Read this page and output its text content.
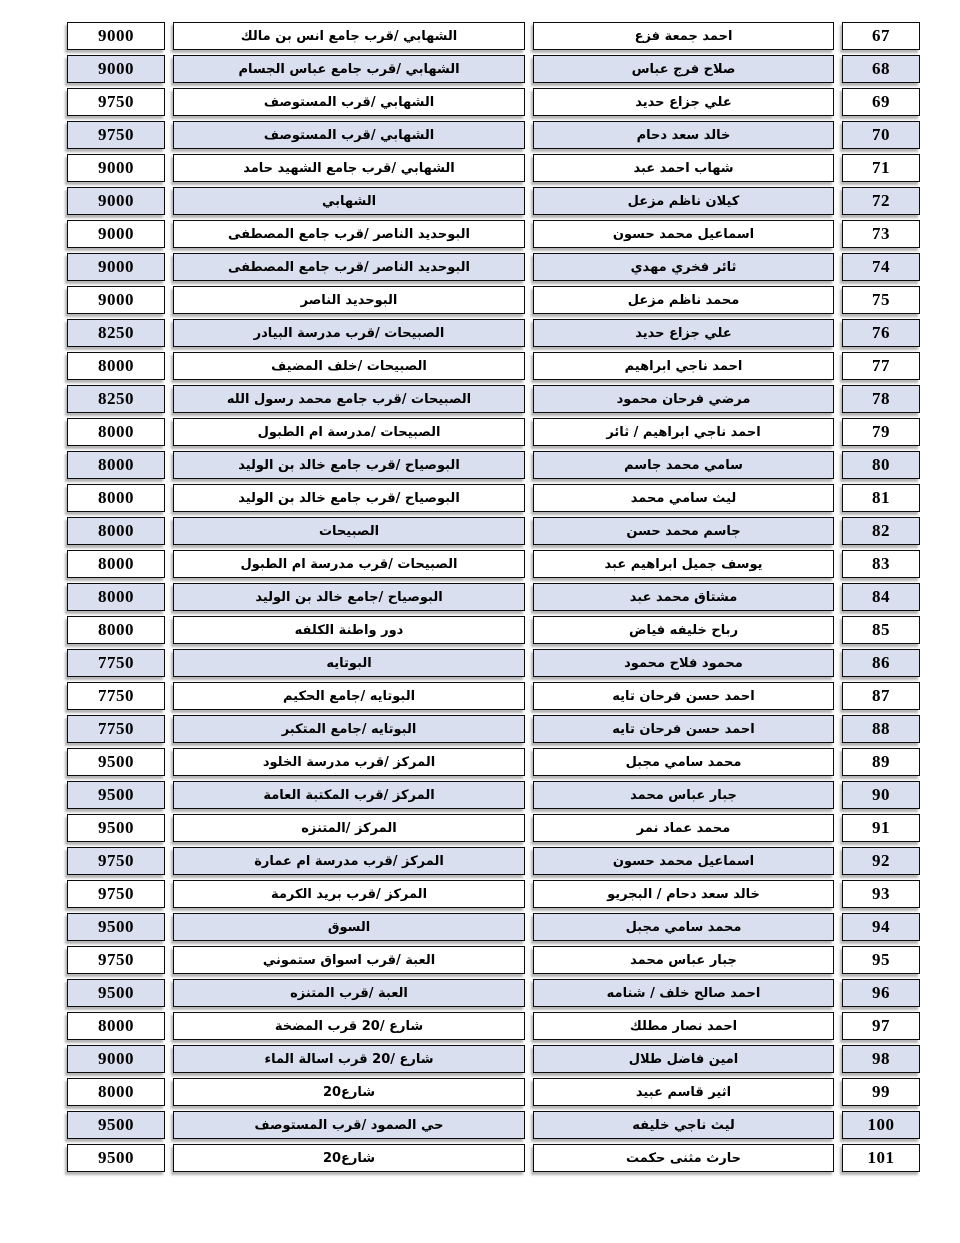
67
احمد جمعة فزع
الشهابي /قرب جامع انس بن مالك
9000
68
صلاح فرج عباس
الشهابي /قرب جامع عباس الجسام
9000
69
علي جزاع حديد
الشهابي /قرب المستوصف
9750
70
خالد سعد دحام
الشهابي /قرب المستوصف
9750
71
شهاب احمد عبد
الشهابي /قرب جامع الشهيد حامد
9000
72
كيلان ناظم مزعل
الشهابي
9000
73
اسماعيل محمد حسون
البوحديد الناصر /قرب جامع المصطفى
9000
74
ثائر فخري مهدي
البوحديد الناصر /قرب جامع المصطفى
9000
75
محمد ناظم مزعل
البوحديد الناصر
9000
76
علي جزاع حديد
الصبيحات /قرب مدرسة البيادر
8250
77
احمد ناجي ابراهيم
الصبيحات /خلف المضيف
8000
78
مرضي فرحان محمود
الصبيحات /قرب جامع محمد رسول الله
8250
79
احمد ناجي ابراهيم / ثائر
الصبيحات /مدرسة ام الطبول
8000
80
سامي محمد جاسم
البوصياح /قرب جامع خالد بن الوليد
8000
81
ليث سامي محمد
البوصياح /قرب جامع خالد بن الوليد
8000
82
جاسم محمد حسن
الصبيحات
8000
83
يوسف جميل ابراهيم عبد
الصبيحات /قرب مدرسة ام الطبول
8000
84
مشتاق محمد عبد
البوصياح /جامع خالد بن الوليد
8000
85
رباح خليفه فياض
دور واطنة الكلفه
8000
86
محمود فلاح محمود
البوتايه
7750
87
احمد حسن فرحان تايه
البوتايه /جامع الحكيم
7750
88
احمد حسن فرحان تايه
البوتايه /جامع المتكبر
7750
89
محمد سامي مجبل
المركز /قرب مدرسة الخلود
9500
90
جبار عباس محمد
المركز /قرب المكتبة العامة
9500
91
محمد عماد نمر
المركز /المتنزه
9500
92
اسماعيل محمد حسون
المركز /قرب مدرسة ام عمارة
9750
93
خالد سعد دحام / البجريو
المركز /قرب بريد الكرمة
9750
94
محمد سامي مجبل
السوق
9500
95
جبار عباس محمد
العبة /قرب اسواق ستموني
9750
96
احمد صالح خلف / شنامه
العبة /قرب المتنزه
9500
97
احمد نصار مطلك
شارع /20 قرب المضخة
8000
98
امين فاضل طلال
شارع /20 قرب اسالة الماء
9000
99
اثير قاسم عبيد
شارع20
8000
100
ليث ناجي خليفه
حي الصمود /قرب المستوصف
9500
101
حارث مثنى حكمت
شارع20
9500
